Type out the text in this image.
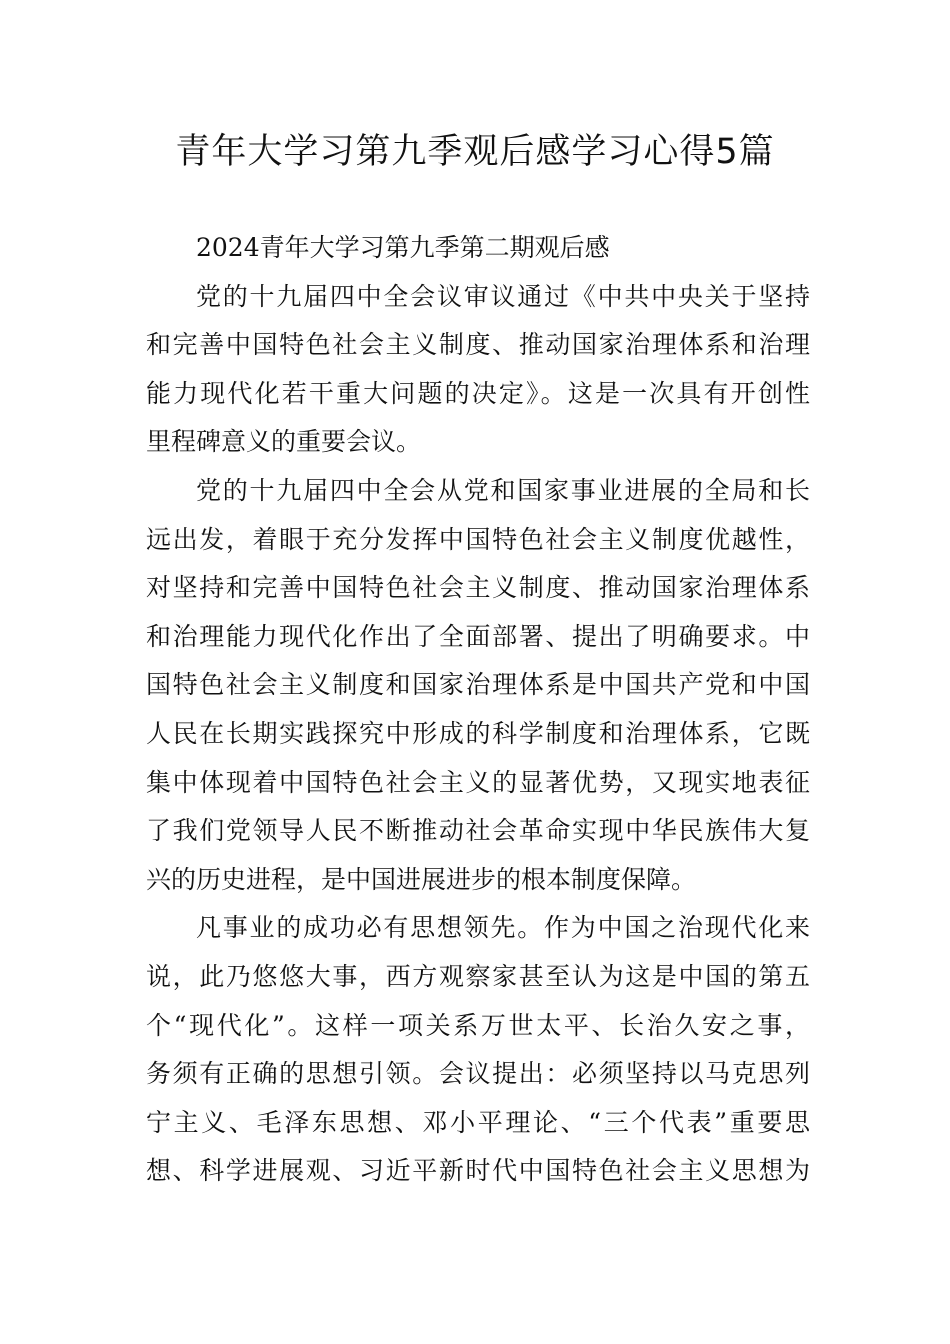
青年大学习第九季观后感学习心得5篇

2024青年大学习第九季第二期观后感

党的十九届四中全会议审议通过《中共中央关于坚持
和完善中国特色社会主义制度、推动国家治理体系和治理
能力现代化若干重大问题的决定》。这是一次具有开创性
里程碑意义的重要会议。

党的十九届四中全会从党和国家事业进展的全局和长
远出发，着眼于充分发挥中国特色社会主义制度优越性，
对坚持和完善中国特色社会主义制度、推动国家治理体系
和治理能力现代化作出了全面部署、提出了明确要求。中
国特色社会主义制度和国家治理体系是中国共产党和中国
人民在长期实践探究中形成的科学制度和治理体系，它既
集中体现着中国特色社会主义的显著优势，又现实地表征
了我们党领导人民不断推动社会革命实现中华民族伟大复
兴的历史进程，是中国进展进步的根本制度保障。

凡事业的成功必有思想领先。作为中国之治现代化来
说，此乃悠悠大事，西方观察家甚至认为这是中国的第五
个“现代化”。这样一项关系万世太平、长治久安之事，
务须有正确的思想引领。会议提出：必须坚持以马克思列
宁主义、毛泽东思想、邓小平理论、“三个代表”重要思
想、科学进展观、习近平新时代中国特色社会主义思想为
